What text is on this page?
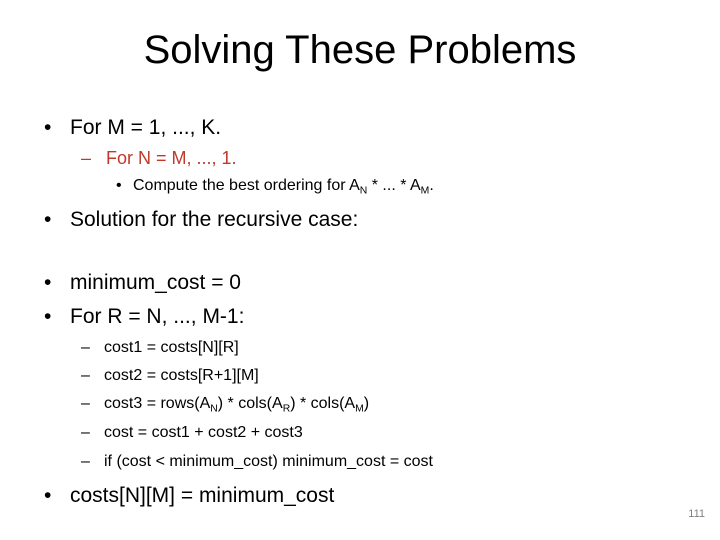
Solving These Problems
• For M = 1, ..., K.
– For N = M, ..., 1.
• Compute the best ordering for $A_N$ * ... * $A_M$.
• Solution for the recursive case:
• minimum_cost = 0
• For R = N, ..., M-1:
– cost1 = costs[N][R]
– cost2 = costs[R+1][M]
– $\cos t3 = rows(A_N)$ * $cols(A_R)$ * $cols(A_M)$
– cost = cost1 + cost2 + cost3
– if (cost < minimum_cost) minimum_cost = cost
• costs[N][M] = minimum_cost
111
